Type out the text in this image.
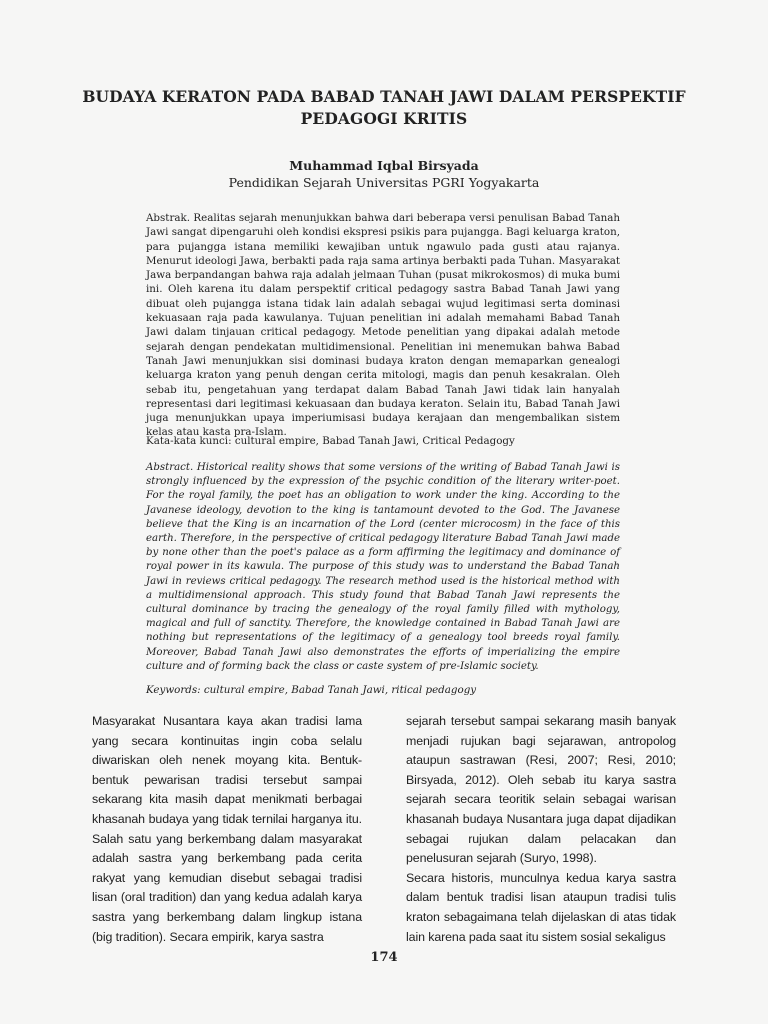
BUDAYA KERATON PADA BABAD TANAH JAWI DALAM PERSPEKTIF
PEDAGOGI KRITIS
Muhammad Iqbal Birsyada
Pendidikan Sejarah Universitas PGRI Yogyakarta
Abstrak. Realitas sejarah menunjukkan bahwa dari beberapa versi penulisan Babad Tanah Jawi sangat dipengaruhi oleh kondisi ekspresi psikis para pujangga. Bagi keluarga kraton, para pujangga istana memiliki kewajiban untuk ngawulo pada gusti atau rajanya. Menurut ideologi Jawa, berbakti pada raja sama artinya berbakti pada Tuhan. Masyarakat Jawa berpandangan bahwa raja adalah jelmaan Tuhan (pusat mikrokosmos) di muka bumi ini. Oleh karena itu dalam perspektif critical pedagogy sastra Babad Tanah Jawi yang dibuat oleh pujangga istana tidak lain adalah sebagai wujud legitimasi serta dominasi kekuasaan raja pada kawulanya. Tujuan penelitian ini adalah memahami Babad Tanah Jawi dalam tinjauan critical pedagogy. Metode penelitian yang dipakai adalah metode sejarah dengan pendekatan multidimensional. Penelitian ini menemukan bahwa Babad Tanah Jawi menunjukkan sisi dominasi budaya kraton dengan memaparkan genealogi keluarga kraton yang penuh dengan cerita mitologi, magis dan penuh kesakralan. Oleh sebab itu, pengetahuan yang terdapat dalam Babad Tanah Jawi tidak lain hanyalah representasi dari legitimasi kekuasaan dan budaya keraton. Selain itu, Babad Tanah Jawi juga menunjukkan upaya imperiumisasi budaya kerajaan dan mengembalikan sistem kelas atau kasta pra-Islam.
Kata-kata kunci: cultural empire, Babad Tanah Jawi, Critical Pedagogy
Abstract. Historical reality shows that some versions of the writing of Babad Tanah Jawi is strongly influenced by the expression of the psychic condition of the literary writer-poet. For the royal family, the poet has an obligation to work under the king. According to the Javanese ideology, devotion to the king is tantamount devoted to the God. The Javanese believe that the King is an incarnation of the Lord (center microcosm) in the face of this earth. Therefore, in the perspective of critical pedagogy literature Babad Tanah Jawi made by none other than the poet's palace as a form affirming the legitimacy and dominance of royal power in its kawula. The purpose of this study was to understand the Babad Tanah Jawi in reviews critical pedagogy. The research method used is the historical method with a multidimensional approach. This study found that Babad Tanah Jawi represents the cultural dominance by tracing the genealogy of the royal family filled with mythology, magical and full of sanctity. Therefore, the knowledge contained in Babad Tanah Jawi are nothing but representations of the legitimacy of a genealogy tool breeds royal family. Moreover, Babad Tanah Jawi also demonstrates the efforts of imperializing the empire culture and of forming back the class or caste system of pre-Islamic society.
Keywords: cultural empire, Babad Tanah Jawi, ritical pedagogy

Masyarakat Nusantara kaya akan tradisi lama yang secara kontinuitas ingin coba selalu diwariskan oleh nenek moyang kita. Bentuk-bentuk pewarisan tradisi tersebut sampai sekarang kita masih dapat menikmati berbagai khasanah budaya yang tidak ternilai harganya itu. Salah satu yang berkembang dalam masyarakat adalah sastra yang berkembang pada cerita rakyat yang kemudian disebut sebagai tradisi lisan (oral tradition) dan yang kedua adalah karya sastra yang berkembang dalam lingkup istana (big tradition). Secara empirik, karya sastra

sejarah tersebut sampai sekarang masih banyak menjadi rujukan bagi sejarawan, antropolog ataupun sastrawan (Resi, 2007; Resi, 2010; Birsyada, 2012). Oleh sebab itu karya sastra sejarah secara teoritik selain sebagai warisan khasanah budaya Nusantara juga dapat dijadikan sebagai rujukan dalam pelacakan dan penelusuran sejarah (Suryo, 1998).

Secara historis, munculnya kedua karya sastra dalam bentuk tradisi lisan ataupun tradisi tulis kraton sebagaimana telah dijelaskan di atas tidak lain karena pada saat itu sistem sosial sekaligus

174
